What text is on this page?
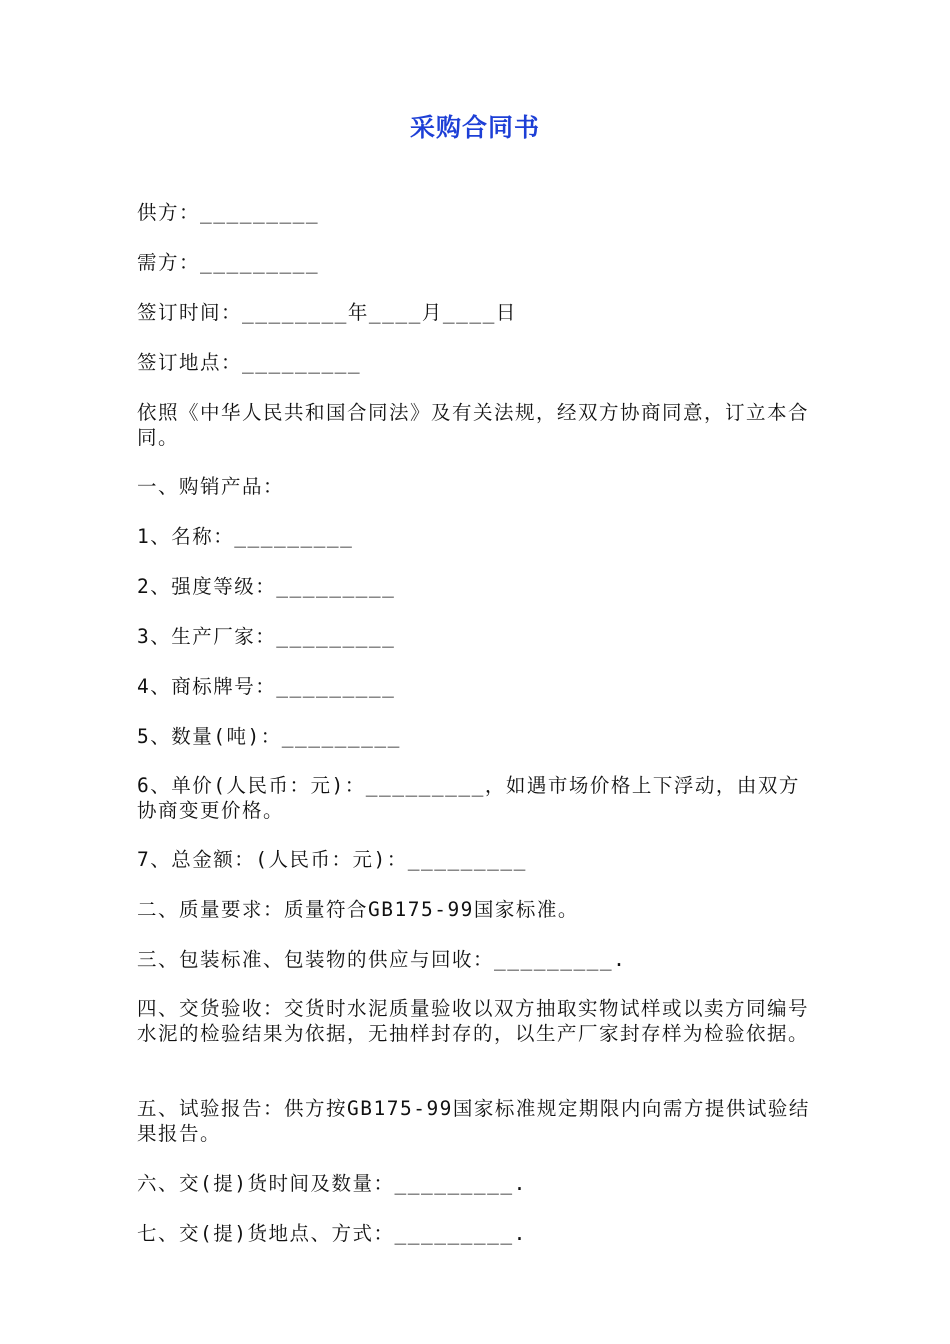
采购合同书
供方：_________
需方：_________
签订时间：________年____月____日
签订地点：_________
依照《中华人民共和国合同法》及有关法规，经双方协商同意，订立本合同。
一、购销产品：
1、名称：_________
2、强度等级：_________
3、生产厂家：_________
4、商标牌号：_________
5、数量(吨)：_________
6、单价(人民币：元)：_________，如遇市场价格上下浮动，由双方协商变更价格。
7、总金额：(人民币：元)：_________
二、质量要求：质量符合GB175-99国家标准。
三、包装标准、包装物的供应与回收：_________.
四、交货验收：交货时水泥质量验收以双方抽取实物试样或以卖方同编号水泥的检验结果为依据，无抽样封存的，以生产厂家封存样为检验依据。
五、试验报告：供方按GB175-99国家标准规定期限内向需方提供试验结果报告。
六、交(提)货时间及数量：_________.
七、交(提)货地点、方式：_________.
